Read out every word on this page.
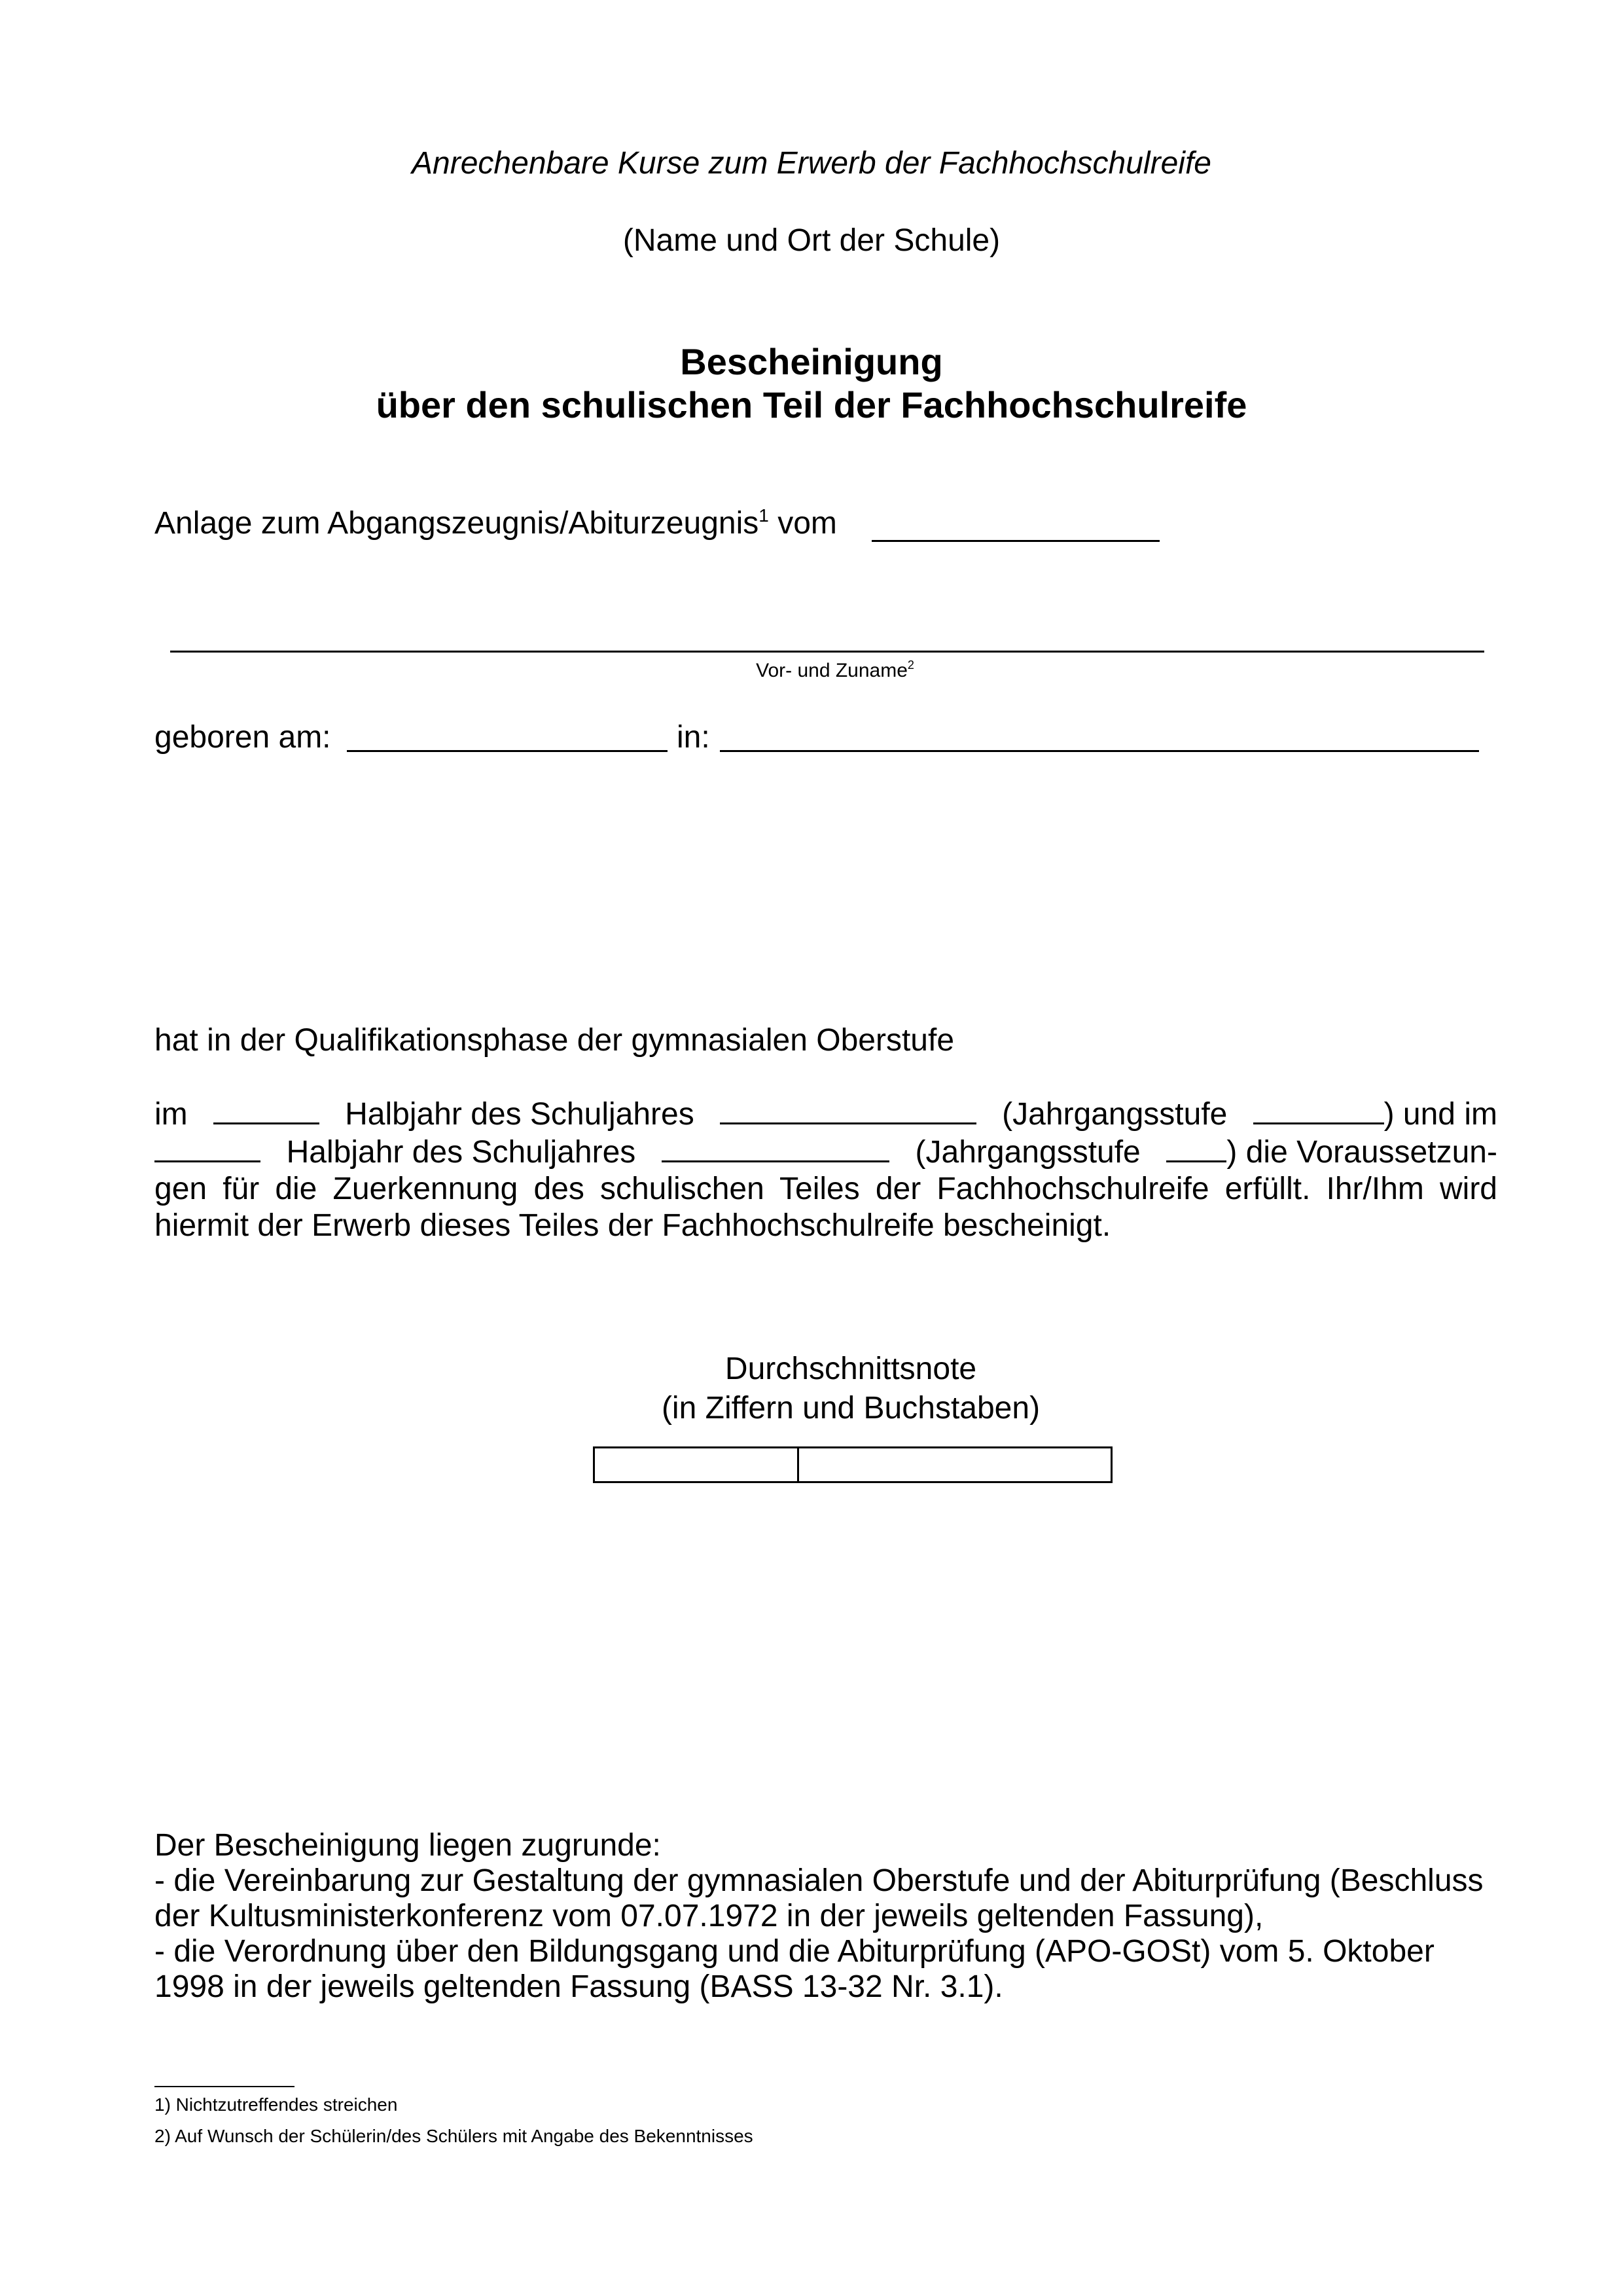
Anrechenbare Kurse zum Erwerb der Fachhochschulreife
(Name und Ort der Schule)
Bescheinigung
über den schulischen Teil der Fachhochschulreife
Anlage zum Abgangszeugnis/Abiturzeugnis$^1$ vom
Vor- und Zuname$^2$
geboren am:	in:
hat in der Qualifikationsphase der gymnasialen Oberstufe
im	Halbjahr des Schuljahres	(Jahrgangsstufe	) und im
Halbjahr des Schuljahres	(Jahrgangsstufe	) die Voraussetzun-
gen für die Zuerkennung des schulischen Teiles der Fachhochschulreife erfüllt. Ihr/Ihm wird hiermit der Erwerb dieses Teiles der Fachhochschulreife bescheinigt.
Durchschnittsnote
(in Ziffern und Buchstaben)

Der Bescheinigung liegen zugrunde:

- die Vereinbarung zur Gestaltung der gymnasialen Oberstufe und der Abiturprüfung (Beschluss der Kultusministerkonferenz vom 07.07.1972 in der jeweils geltenden Fassung),

- die Verordnung über den Bildungsgang und die Abiturprüfung (APO-GOSt) vom 5. Oktober 1998 in der jeweils geltenden Fassung (BASS 13-32 Nr. 3.1).

1) Nichtzutreffendes streichen
2) Auf Wunsch der Schülerin/des Schülers mit Angabe des Bekenntnisses
